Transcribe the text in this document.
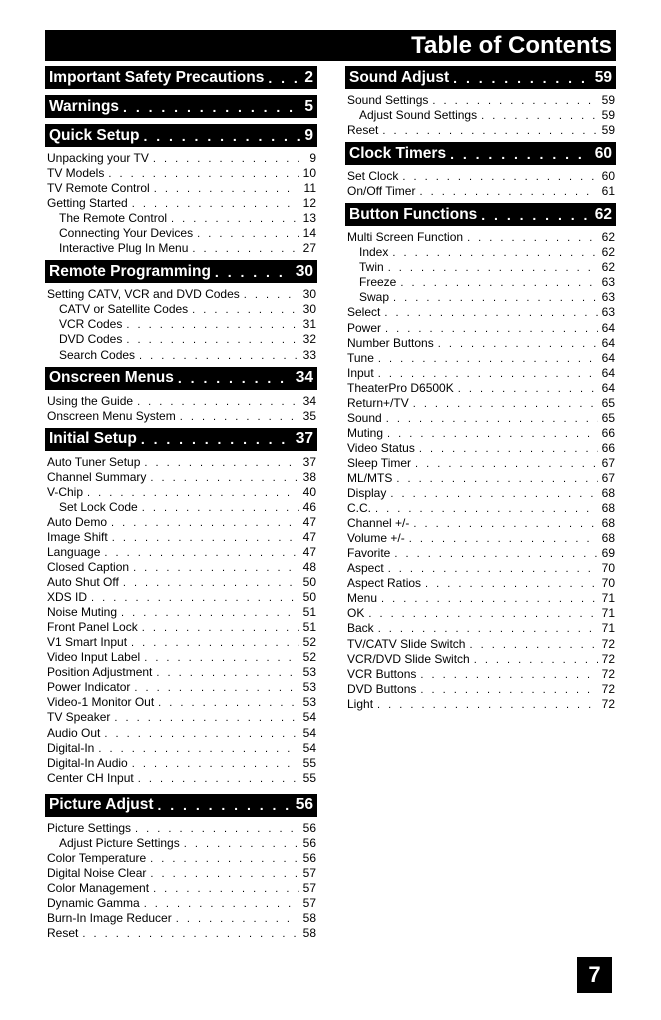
Table of Contents
Important Safety Precautions . . .	2
Warnings . . .	5
Quick Setup . . .	9
Unpacking your TV . . .	9
TV Models . . .	10
TV Remote Control . . .	11
Getting Started . . .	12
The Remote Control . . .	13
Connecting Your Devices . . .	14
Interactive Plug In Menu . . .	27
Remote Programming . . .	30
Setting CATV, VCR and DVD Codes . . .	30
CATV or Satellite Codes . . .	30
VCR Codes . . .	31
DVD Codes . . .	32
Search Codes . . .	33
Onscreen Menus . . .	34
Using the Guide . . .	34
Onscreen Menu System . . .	35
Initial Setup . . .	37
Auto Tuner Setup . . .	37
Channel Summary . . .	38
V-Chip . . .	40
Set Lock Code . . .	46
Auto Demo . . .	47
Image Shift . . .	47
Language . . .	47
Closed Caption . . .	48
Auto Shut Off . . .	50
XDS ID . . .	50
Noise Muting . . .	51
Front Panel Lock . . .	51
V1 Smart Input . . .	52
Video Input Label . . .	52
Position Adjustment . . .	53
Power Indicator . . .	53
Video-1 Monitor Out . . .	53
TV Speaker . . .	54
Audio Out . . .	54
Digital-In . . .	54
Digital-In Audio . . .	55
Center CH Input . . .	55
Picture Adjust . . .	56
Picture Settings . . .	56
Adjust Picture Settings . . .	56
Color Temperature . . .	56
Digital Noise Clear . . .	57
Color Management . . .	57
Dynamic Gamma . . .	57
Burn-In Image Reducer . . .	58
Reset . . .	58
Sound Adjust . . .	59
Sound Settings . . .	59
Adjust Sound Settings . . .	59
Reset . . .	59
Clock Timers . . .	60
Set Clock . . .	60
On/Off Timer . . .	61
Button Functions . . .	62
Multi Screen Function . . .	62
Index . . .	62
Twin . . .	62
Freeze . . .	63
Swap . . .	63
Select . . .	63
Power . . .	64
Number Buttons . . .	64
Tune . . .	64
Input . . .	64
TheaterPro D6500K . . .	64
Return+/TV . . .	65
Sound . . .	65
Muting . . .	66
Video Status . . .	66
Sleep Timer . . .	67
ML/MTS . . .	67
Display . . .	68
C.C. . . .	68
Channel +/- . . .	68
Volume +/- . . .	68
Favorite . . .	69
Aspect . . .	70
Aspect Ratios . . .	70
Menu . . .	71
OK . . .	71
Back . . .	71
TV/CATV Slide Switch . . .	72
VCR/DVD Slide Switch . . .	72
VCR Buttons . . .	72
DVD Buttons . . .	72
Light . . .	72
7
